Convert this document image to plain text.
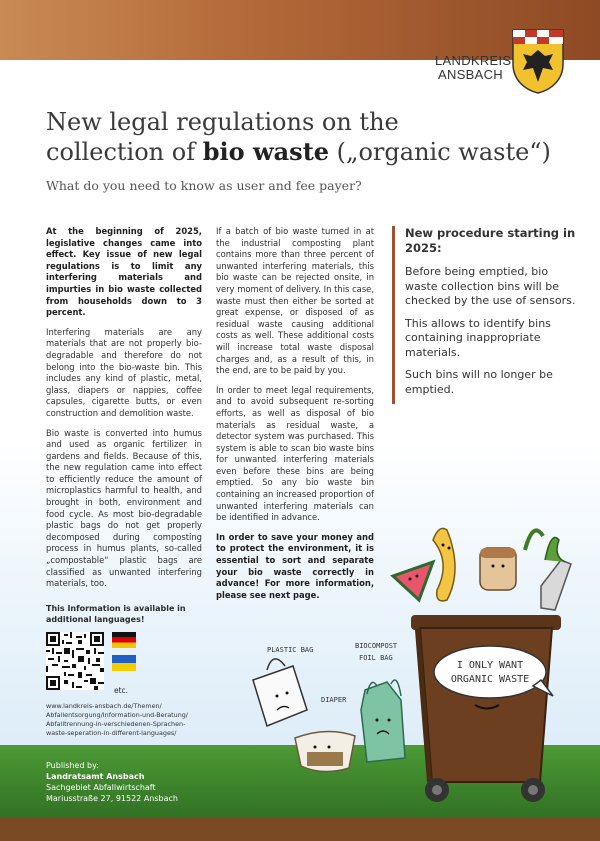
LANDKREIS
ANSBACH
New legal regulations on the
collection of bio waste („organic waste“)

What do you need to know as user and fee payer?

At the beginning of 2025, legislative changes came into effect. Key issue of new legal regulations is to limit any interfering materials and impurties in bio waste collected from households down to 3 percent.

Interfering materials are any materials that are not properly bio-degradable and therefore do not belong into the bio-waste bin. This includes any kind of plastic, metal, glass, diapers or nappies, coffee capsules, cigarette butts, or even construction and demolition waste.

Bio waste is converted into humus and used as organic fertilizer in gardens and fields. Because of this, the new regulation came into effect to efficiently reduce the amount of microplastics harmful to health, and brought in both, environment and food cycle. As most bio-degradable plastic bags do not get properly decomposed during composting process in humus plants, so-called „compostable“ plastic bags are classified as unwanted interfering materials, too.

If a batch of bio waste turned in at the industrial composting plant contains more than three percent of unwanted interfering materials, this bio waste can be rejected onsite, in very moment of delivery. In this case, waste must then either be sorted at great expense, or disposed of as residual waste causing additional costs as well. These additional costs will increase total waste disposal charges and, as a result of this, in the end, are to be paid by you.

In order to meet legal requirements, and to avoid subsequent re-sorting efforts, as well as disposal of bio materials as residual waste, a detector system was purchased. This system is able to scan bio waste bins for unwanted interfering materials even before these bins are being emptied. So any bio waste bin containing an increased proportion of unwanted interfering materials can be identified in advance.

In order to save your money and to protect the environment, it is essential to sort and separate your bio waste correctly in advance! For more information, please see next page.

New procedure starting in 2025:

Before being emptied, bio waste collection bins will be checked by the use of sensors.

This allows to identify bins containing inappropriate materials.

Such bins will no longer be emptied.

This Information is available in additional languages!

etc.
www.landkreis-ansbach.de/Themen/
Abfallentsorgung/Information-und-Beratung/
Abfalltrennung-in-verschiedenen-Sprachen-
waste-seperation-in-different-languages/
I ONLY WANT
ORGANIC WASTE
PLASTIC BAG
DIAPER
BIOCOMPOST
FOIL BAG
Published by:
Landratsamt Ansbach
Sachgebiet Abfallwirtschaft
Mariusstraße 27, 91522 Ansbach
